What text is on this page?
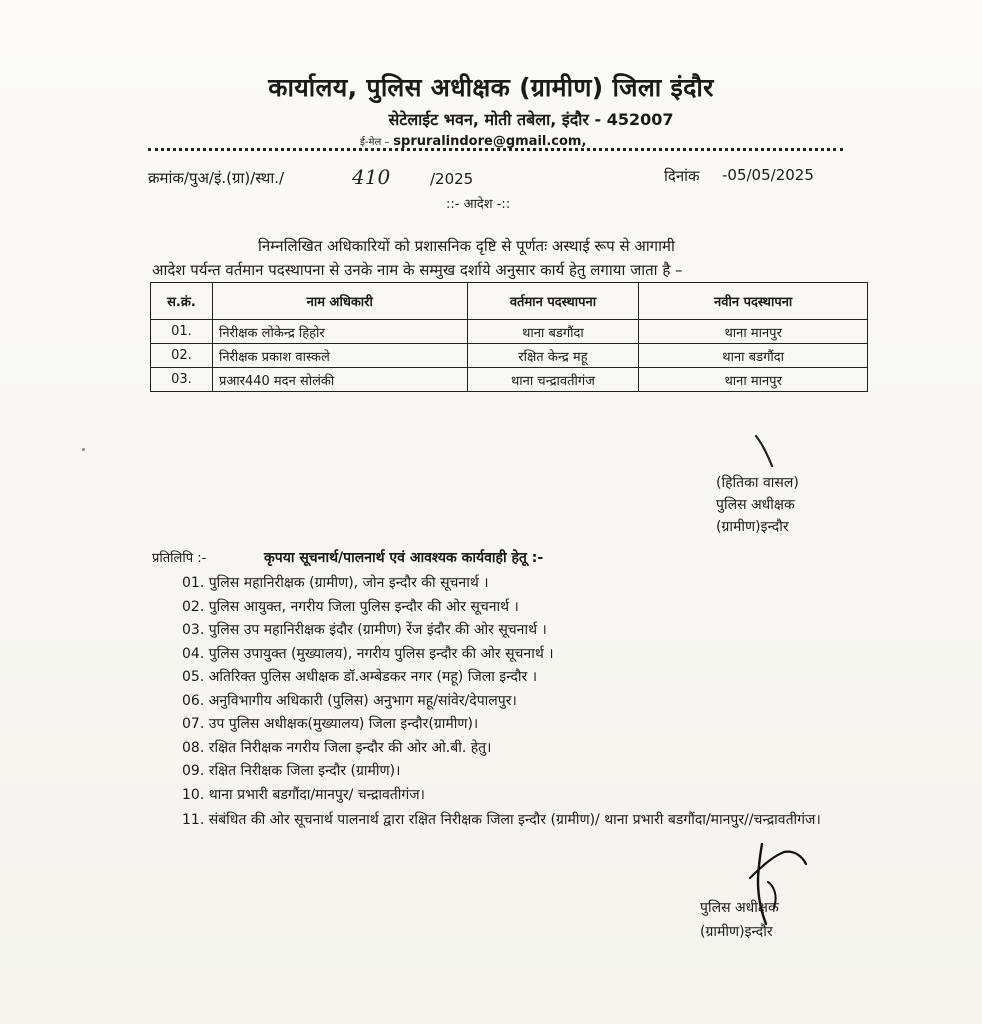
कार्यालय, पुलिस अधीक्षक (ग्रामीण) जिला इंदौर
सेटेलाईट भवन, मोती तबेला, इंदौर - 452007
ई-मेल – spruralindore@gmail.com,
क्रमांक/पुअ/इं.(ग्रा)/स्था./	410	/2025	दिनांक -05/05/2025
::- आदेश -::
निम्नलिखित अधिकारियों को प्रशासनिक दृष्टि से पूर्णतः अस्थाई रूप से आगामी
आदेश पर्यन्त वर्तमान पदस्थापना से उनके नाम के सम्मुख दर्शाये अनुसार कार्य हेतु लगाया जाता है –
स.क्रं.	नाम अधिकारी	वर्तमान पदस्थापना	नवीन पदस्थापना
01.	निरीक्षक लोकेन्द्र हिहोर	थाना बडगौंदा	थाना मानपुर
02.	निरीक्षक प्रकाश वास्कले	रक्षित केन्द्र महू	थाना बडगौंदा
03.	प्रआर440 मदन सोलंकी	थाना चन्द्रावतीगंज	थाना मानपुर
(हितिका वासल)
पुलिस अधीक्षक
(ग्रामीण)इन्दौर
प्रतिलिपि :-	कृपया सूचनार्थ/पालनार्थ एवं आवश्यक कार्यवाही हेतू :-
01. पुलिस महानिरीक्षक (ग्रामीण), जोन इन्दौर की सूचनार्थ ।
02. पुलिस आयुक्त, नगरीय जिला पुलिस इन्दौर की ओर सूचनार्थ ।
03. पुलिस उप महानिरीक्षक इंदौर (ग्रामीण) रेंज इंदौर की ओर सूचनार्थ ।
04. पुलिस उपायुक्त (मुख्यालय), नगरीय पुलिस इन्दौर की ओर सूचनार्थ ।
05. अतिरिक्त पुलिस अधीक्षक डॉ.अम्बेडकर नगर (महू) जिला इन्दौर ।
06. अनुविभागीय अधिकारी (पुलिस) अनुभाग महू/सांवेर/देपालपुर।
07. उप पुलिस अधीक्षक(मुख्यालय) जिला इन्दौर(ग्रामीण)।
08. रक्षित निरीक्षक नगरीय जिला इन्दौर की ओर ओ.बी. हेतु।
09. रक्षित निरीक्षक जिला इन्दौर (ग्रामीण)।
10. थाना प्रभारी बडगौंदा/मानपुर/ चन्द्रावतीगंज।
11. संबंधित की ओर सूचनार्थ पालनार्थ द्वारा रक्षित निरीक्षक जिला इन्दौर (ग्रामीण)/ थाना प्रभारी बडगौंदा/मानपुर//चन्द्रावतीगंज।
पुलिस अधीक्षक
(ग्रामीण)इन्दौर
